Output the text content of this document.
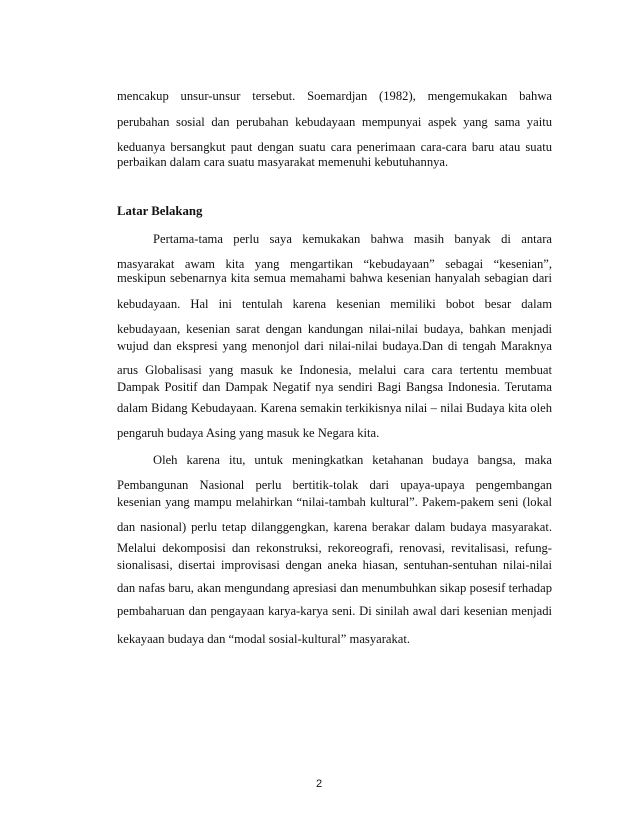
mencakup unsur-unsur tersebut. Soemardjan (1982), mengemukakan bahwa
perubahan sosial dan perubahan kebudayaan mempunyai aspek yang sama yaitu
keduanya bersangkut paut dengan suatu cara penerimaan cara-cara baru atau suatu
perbaikan dalam cara suatu masyarakat memenuhi kebutuhannya.
Latar Belakang
Pertama-tama perlu saya kemukakan bahwa masih banyak di antara
masyarakat awam kita yang mengartikan “kebudayaan” sebagai “kesenian”,
meskipun sebenarnya kita semua memahami bahwa kesenian hanyalah sebagian dari
kebudayaan. Hal ini tentulah karena kesenian memiliki bobot besar dalam
kebudayaan, kesenian sarat dengan kandungan nilai-nilai budaya, bahkan menjadi
wujud dan ekspresi yang menonjol dari nilai-nilai budaya.Dan di tengah Maraknya
arus Globalisasi yang masuk ke Indonesia, melalui cara cara tertentu membuat
Dampak Positif dan Dampak Negatif nya sendiri Bagi Bangsa Indonesia. Terutama
dalam Bidang Kebudayaan. Karena semakin terkikisnya nilai – nilai Budaya kita oleh
pengaruh budaya Asing yang masuk ke Negara kita.
Oleh karena itu, untuk meningkatkan ketahanan budaya bangsa, maka
Pembangunan Nasional perlu bertitik-tolak dari upaya-upaya pengembangan
kesenian yang mampu melahirkan “nilai-tambah kultural”. Pakem-pakem seni (lokal
dan nasional) perlu tetap dilanggengkan, karena berakar dalam budaya masyarakat.
Melalui dekomposisi dan rekonstruksi, rekoreografi, renovasi, revitalisasi, refung-
sionalisasi, disertai improvisasi dengan aneka hiasan, sentuhan-sentuhan nilai-nilai
dan nafas baru, akan mengundang apresiasi dan menumbuhkan sikap posesif terhadap
pembaharuan dan pengayaan karya-karya seni. Di sinilah awal dari kesenian menjadi
kekayaan budaya dan “modal sosial-kultural” masyarakat.
2
